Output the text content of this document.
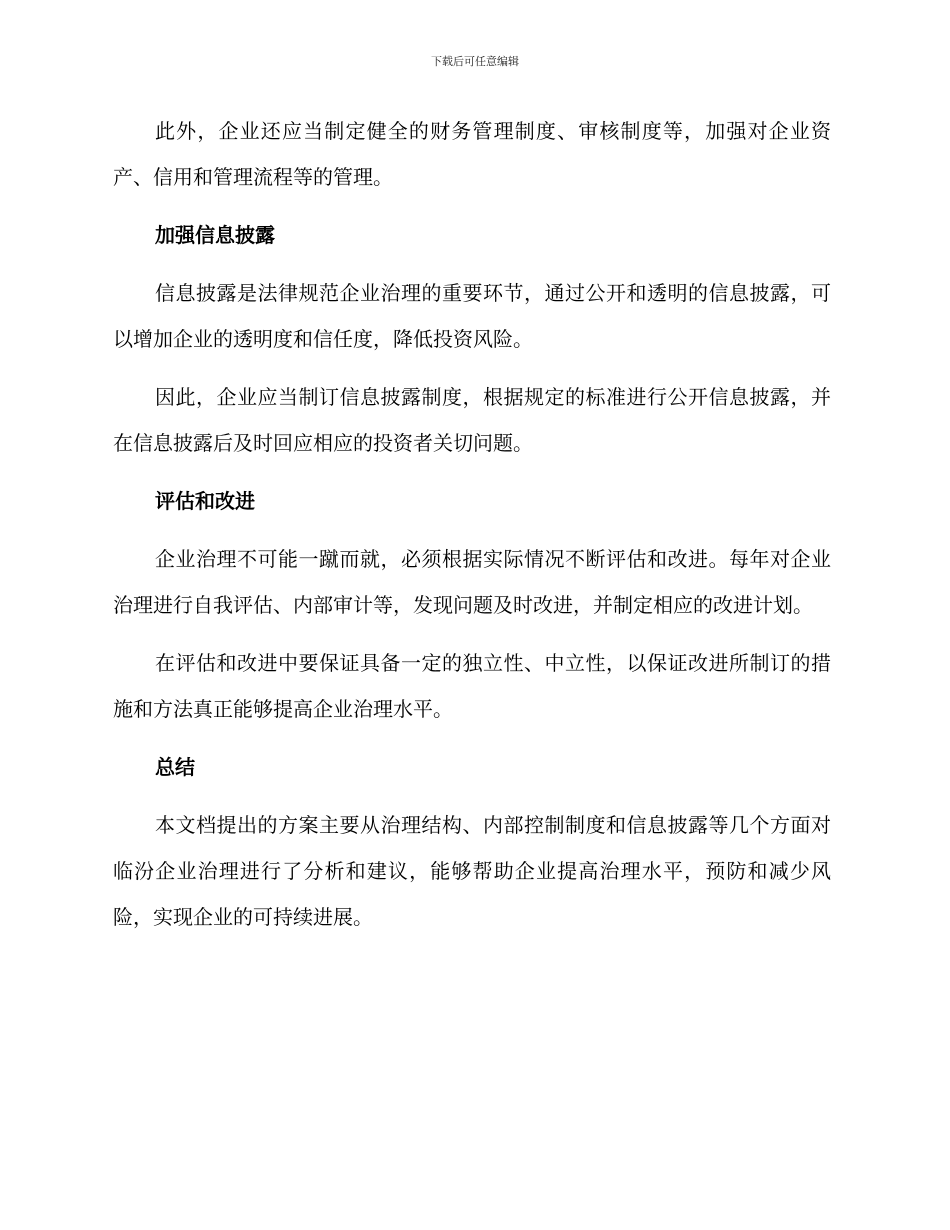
下载后可任意编辑

此外，企业还应当制定健全的财务管理制度、审核制度等，加强对企业资产、信用和管理流程等的管理。

加强信息披露

信息披露是法律规范企业治理的重要环节，通过公开和透明的信息披露，可以增加企业的透明度和信任度，降低投资风险。

因此，企业应当制订信息披露制度，根据规定的标准进行公开信息披露，并在信息披露后及时回应相应的投资者关切问题。

评估和改进

企业治理不可能一蹴而就，必须根据实际情况不断评估和改进。每年对企业治理进行自我评估、内部审计等，发现问题及时改进，并制定相应的改进计划。

在评估和改进中要保证具备一定的独立性、中立性，以保证改进所制订的措施和方法真正能够提高企业治理水平。

总结

本文档提出的方案主要从治理结构、内部控制制度和信息披露等几个方面对临汾企业治理进行了分析和建议，能够帮助企业提高治理水平，预防和减少风险，实现企业的可持续进展。
